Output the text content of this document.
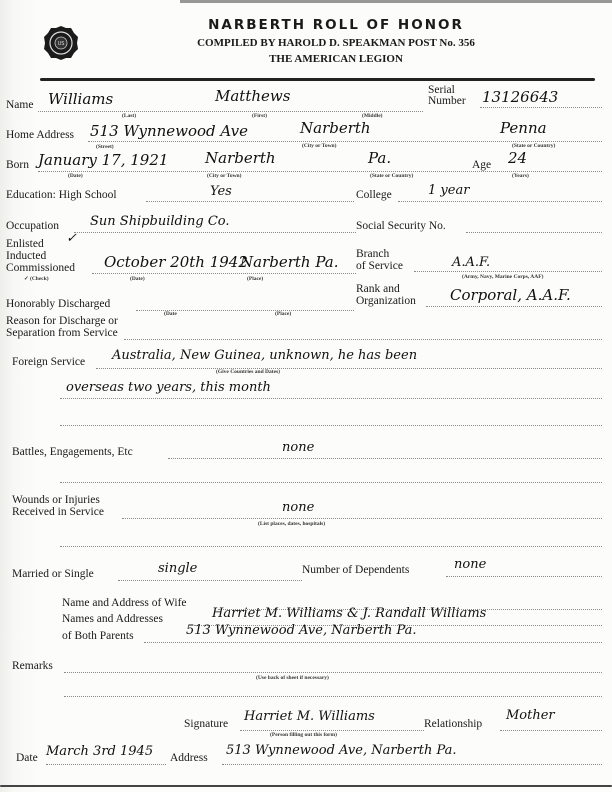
US
NARBERTH ROLL OF HONOR
COMPILED BY HAROLD D. SPEAKMAN POST No. 356
THE AMERICAN LEGION
Name Williams	Matthews
(Last)	(First)	(Middle)
Serial
Number 13126643
Home Address 513 Wynnewood Ave	Narberth	Penna
(Street)	(City or Town)	(State or Country)
Born January 17, 1921 Narberth	Pa.
(Date)	(City or Town)	(State or Country)
Age 24
(Years)
Education: High School	Yes	College	1 year
Occupation Sun Shipbuilding Co.	Social Security No.
Enlisted ✓
Inducted
Commissioned October 20th 1942
Narberth Pa.
✓ (Check)	(Date)	(Place)
Branch
of Service	A.A.F.
(Army, Navy, Marine Corps, AAF)
Rank and
Organization Corporal, A.A.F.
Honorably Discharged
(Date	(Place)
Reason for Discharge or
Separation from Service
Foreign Service Australia, New Guinea, unknown, he has been
(Give Countries and Dates)
overseas two years, this month
Battles, Engagements, Etc	none
Wounds or Injuries
Received in Service	none
(List places, dates, hospitals)
Married or Single	single	Number of Dependents	none
Name and Address of Wife
Names and Addresses	Harriet M. Williams & J. Randall Williams
of Both Parents	513 Wynnewood Ave, Narberth Pa.
Remarks
(Use back of sheet if necessary)
Signature Harriet M. Williams
(Person filling out this form)
Relationship
Mother
Date March 3rd 1945 Address 513 Wynnewood Ave, Narberth Pa.
